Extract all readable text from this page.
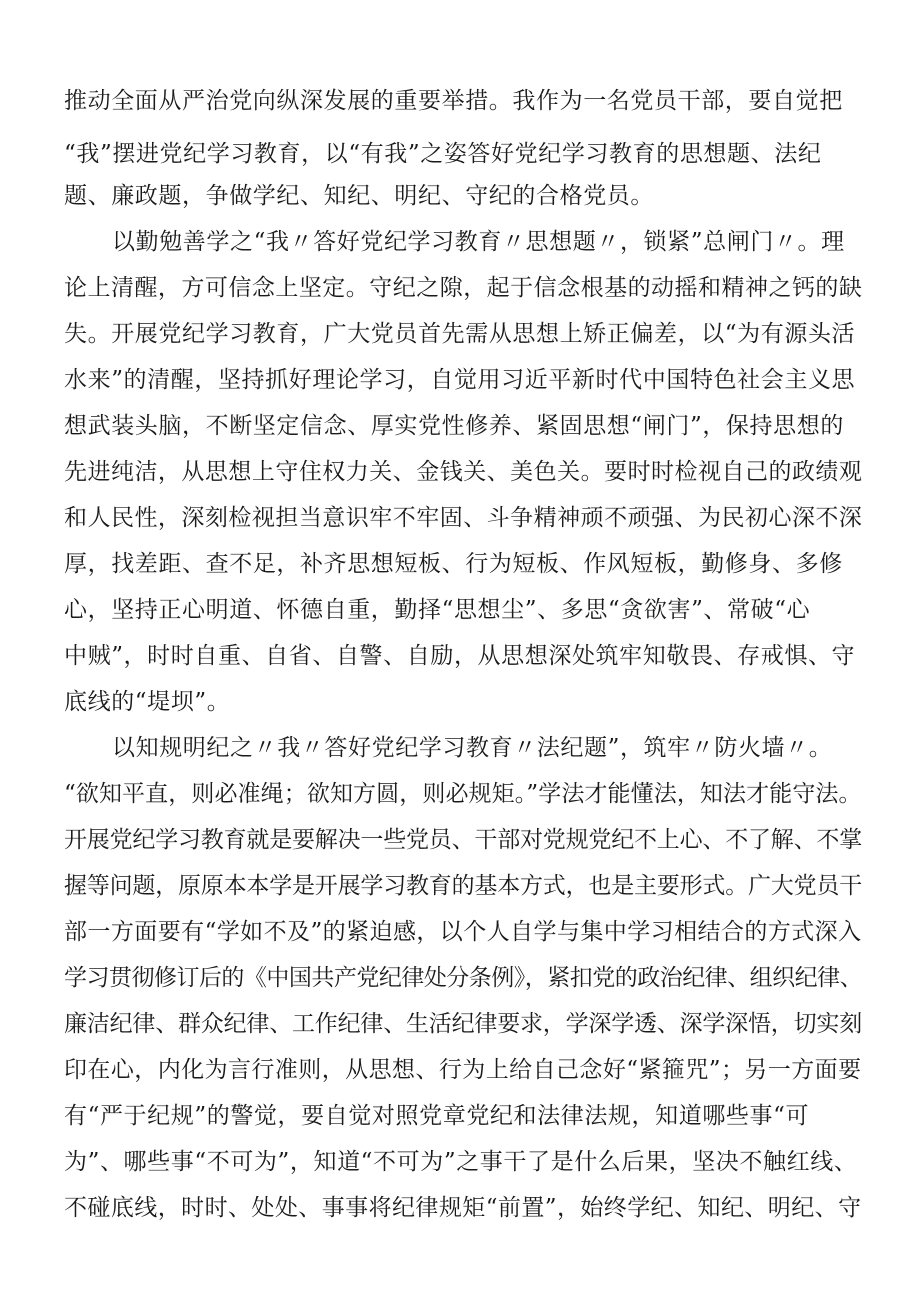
推动全面从严治党向纵深发展的重要举措。我作为一名党员干部，要自觉把
“我”摆进党纪学习教育，以“有我”之姿答好党纪学习教育的思想题、法纪
题、廉政题，争做学纪、知纪、明纪、守纪的合格党员。
以勤勉善学之“我〃答好党纪学习教育〃思想题〃，锁紧”总闸门〃。理
论上清醒，方可信念上坚定。守纪之隙，起于信念根基的动摇和精神之钙的缺
失。开展党纪学习教育，广大党员首先需从思想上矫正偏差，以“为有源头活
水来”的清醒，坚持抓好理论学习，自觉用习近平新时代中国特色社会主义思
想武装头脑，不断坚定信念、厚实党性修养、紧固思想“闸门”，保持思想的
先进纯洁，从思想上守住权力关、金钱关、美色关。要时时检视自己的政绩观
和人民性，深刻检视担当意识牢不牢固、斗争精神顽不顽强、为民初心深不深
厚，找差距、查不足，补齐思想短板、行为短板、作风短板，勤修身、多修
心，坚持正心明道、怀德自重，勤择“思想尘”、多思“贪欲害”、常破“心
中贼”，时时自重、自省、自警、自励，从思想深处筑牢知敬畏、存戒惧、守
底线的“堤坝”。
以知规明纪之〃我〃答好党纪学习教育〃法纪题”，筑牢〃防火墙〃。
“欲知平直，则必准绳；欲知方圆，则必规矩。”学法才能懂法，知法才能守法。
开展党纪学习教育就是要解决一些党员、干部对党规党纪不上心、不了解、不掌
握等问题，原原本本学是开展学习教育的基本方式，也是主要形式。广大党员干
部一方面要有“学如不及”的紧迫感，以个人自学与集中学习相结合的方式深入
学习贯彻修订后的《中国共产党纪律处分条例》，紧扣党的政治纪律、组织纪律、
廉洁纪律、群众纪律、工作纪律、生活纪律要求，学深学透、深学深悟，切实刻
印在心，内化为言行准则，从思想、行为上给自己念好“紧箍咒”；另一方面要
有“严于纪规”的警觉，要自觉对照党章党纪和法律法规，知道哪些事“可
为”、哪些事“不可为”，知道“不可为”之事干了是什么后果，坚决不触红线、
不碰底线，时时、处处、事事将纪律规矩“前置”，始终学纪、知纪、明纪、守
